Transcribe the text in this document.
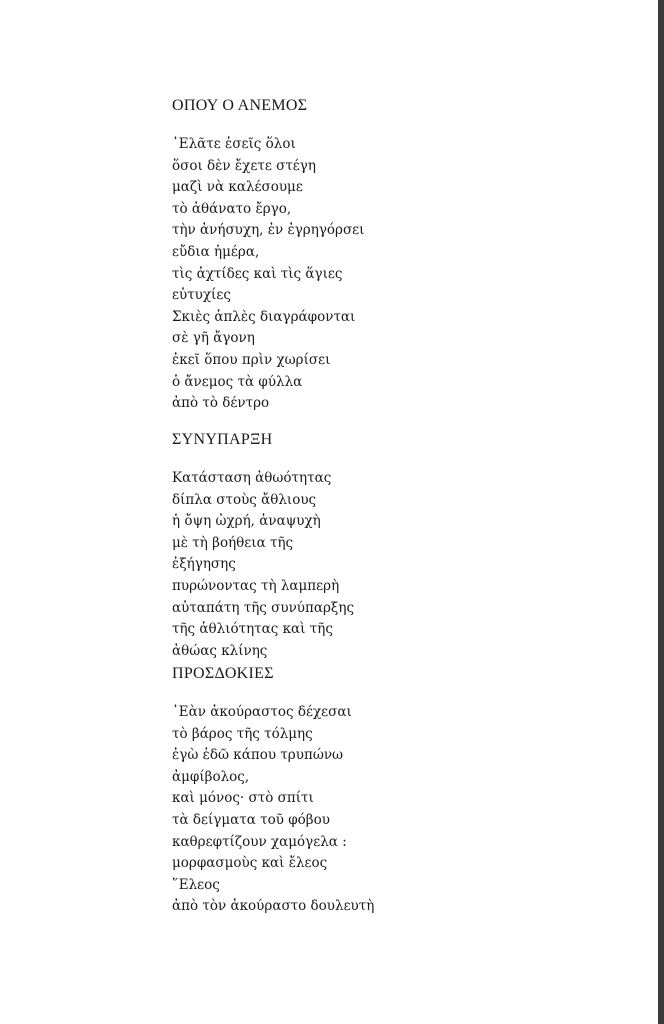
ΟΠΟΥ Ο ΑΝΕΜΟΣ
᾿Ελᾶτε ἐσεῖς ὅλοι
ὅσοι δὲν ἔχετε στέγη
μαζὶ νὰ καλέσουμε
τὸ ἀθάνατο ἔργο,
τὴν ἀνήσυχη, ἐν ἐγρηγόρσει
εὔδια ἡμέρα,
τὶς ἀχτίδες καὶ τὶς ἅγιες
εὐτυχίες
Σκιὲς ἁπλὲς διαγράφονται
σὲ γῆ ἄγονη
ἐκεῖ ὅπου πρὶν χωρίσει
ὁ ἄνεμος τὰ φύλλα
ἀπὸ τὸ δέντρο
ΣΥΝΥΠΑΡΞΗ
Κατάσταση ἀθωότητας
δίπλα στοὺς ἄθλιους
ἡ ὄψη ὠχρή, ἀναψυχὴ
μὲ τὴ βοήθεια τῆς
ἐξήγησης
πυρώνοντας τὴ λαμπερὴ
αὐταπάτη τῆς συνύπαρξης
τῆς ἀθλιότητας καὶ τῆς
ἀθώας κλίνης
ΠΡΟΣΔΟΚΙΕΣ
᾿Εὰν ἀκούραστος δέχεσαι
τὸ βάρος τῆς τόλμης
ἐγὼ ἐδῶ κάπου τρυπώνω
ἀμφίβολος,
καὶ μόνος· στὸ σπίτι
τὰ δείγματα τοῦ φόβου
καθρεφτίζουν χαμόγελα :
μορφασμοὺς καὶ ἔλεος
῞Ελεος
ἀπὸ τὸν ἀκούραστο δουλευτὴ
